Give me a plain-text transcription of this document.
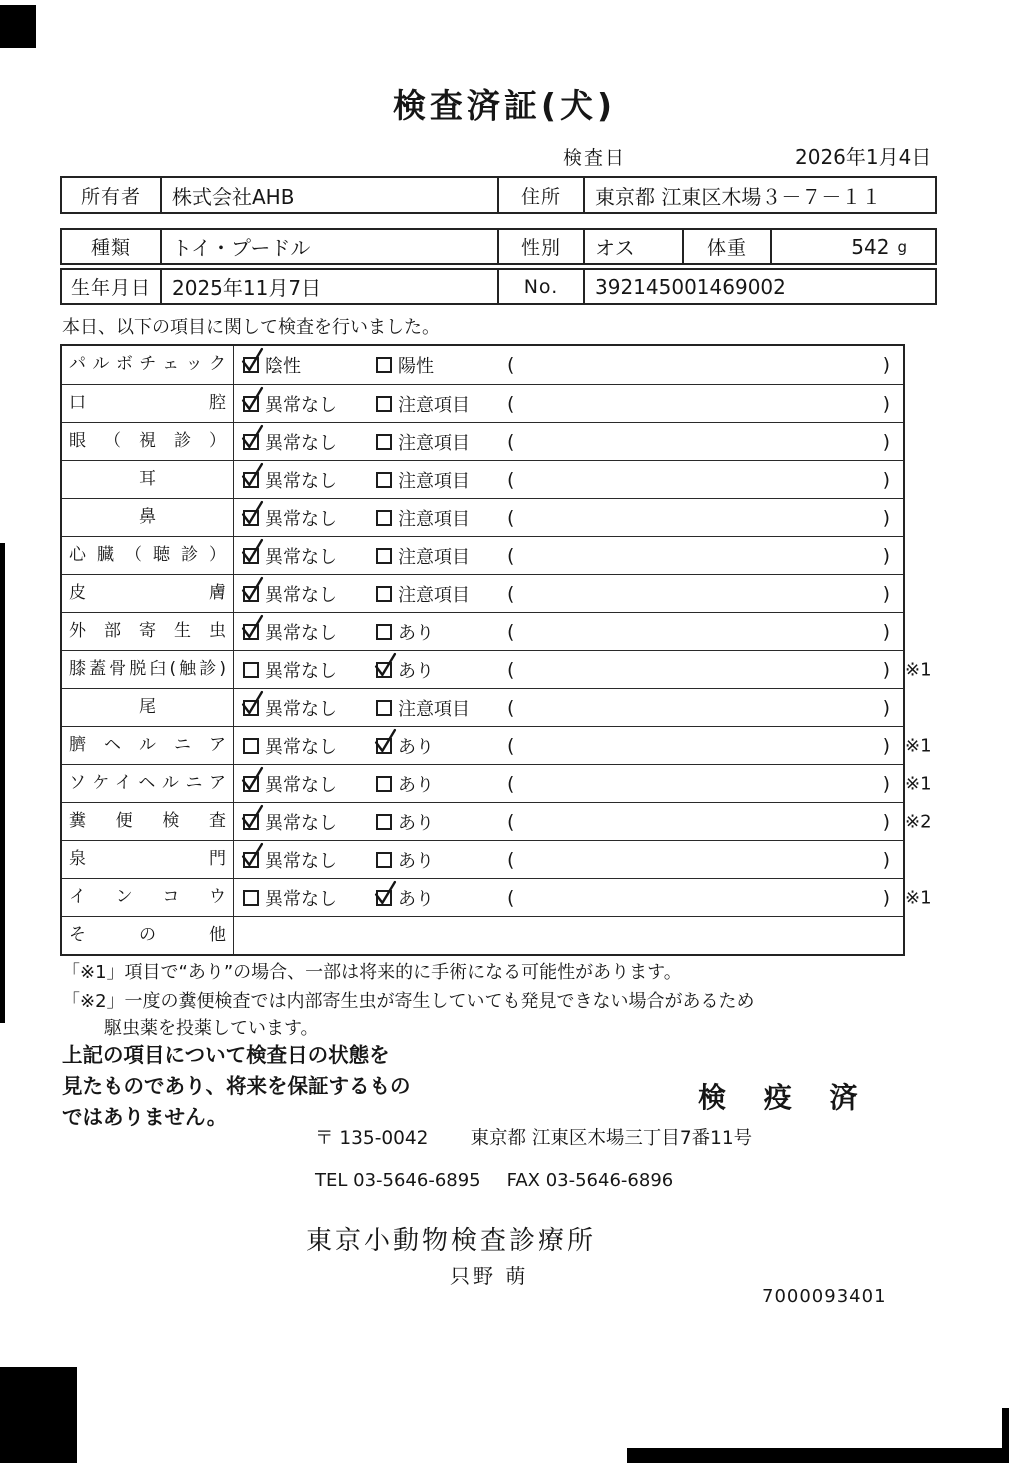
検査済証(犬)
検査日	2026年1月4日
所有者	株式会社AHB	住所	東京都 江東区木場３－７－１１
種類	トイ・プードル	性別	オス	体重	542 g
生年月日	2025年11月7日	No.	392145001469002
本日、以下の項目に関して検査を行いました。
パルボチェック	陰性	陽性	(	)
口腔	異常なし	注意項目 (	)
眼（視診）	異常なし	注意項目 (	)
耳	異常なし	注意項目 (	)
鼻	異常なし	注意項目 (	)
心臓（聴診）	異常なし	注意項目 (	)
皮膚	異常なし	注意項目 (	)
外部寄生虫	異常なし	あり	(	)
膝蓋骨脱臼(触診)	異常なし	あり	(	) ※1
尾	異常なし	注意項目 (	)
臍ヘルニア	異常なし	あり	(	) ※1
ソケイヘルニア	異常なし	あり	(	) ※1
糞便検査	異常なし	あり	(	) ※2
泉門	異常なし	あり	(	)
インコウ	異常なし	あり	(	) ※1
その他
「※1」項目で“あり”の場合、一部は将来的に手術になる可能性があります。
「※2」一度の糞便検査では内部寄生虫が寄生していても発見できない場合があるため
駆虫薬を投薬しています。
上記の項目について検査日の状態を
見たものであり、将来を保証するもの
ではありません。
検 疫 済
〒 135-0042 東京都 江東区木場三丁目7番11号
TEL 03-5646-6895 FAX 03-5646-6896
東京小動物検査診療所
只野 萌
7000093401
